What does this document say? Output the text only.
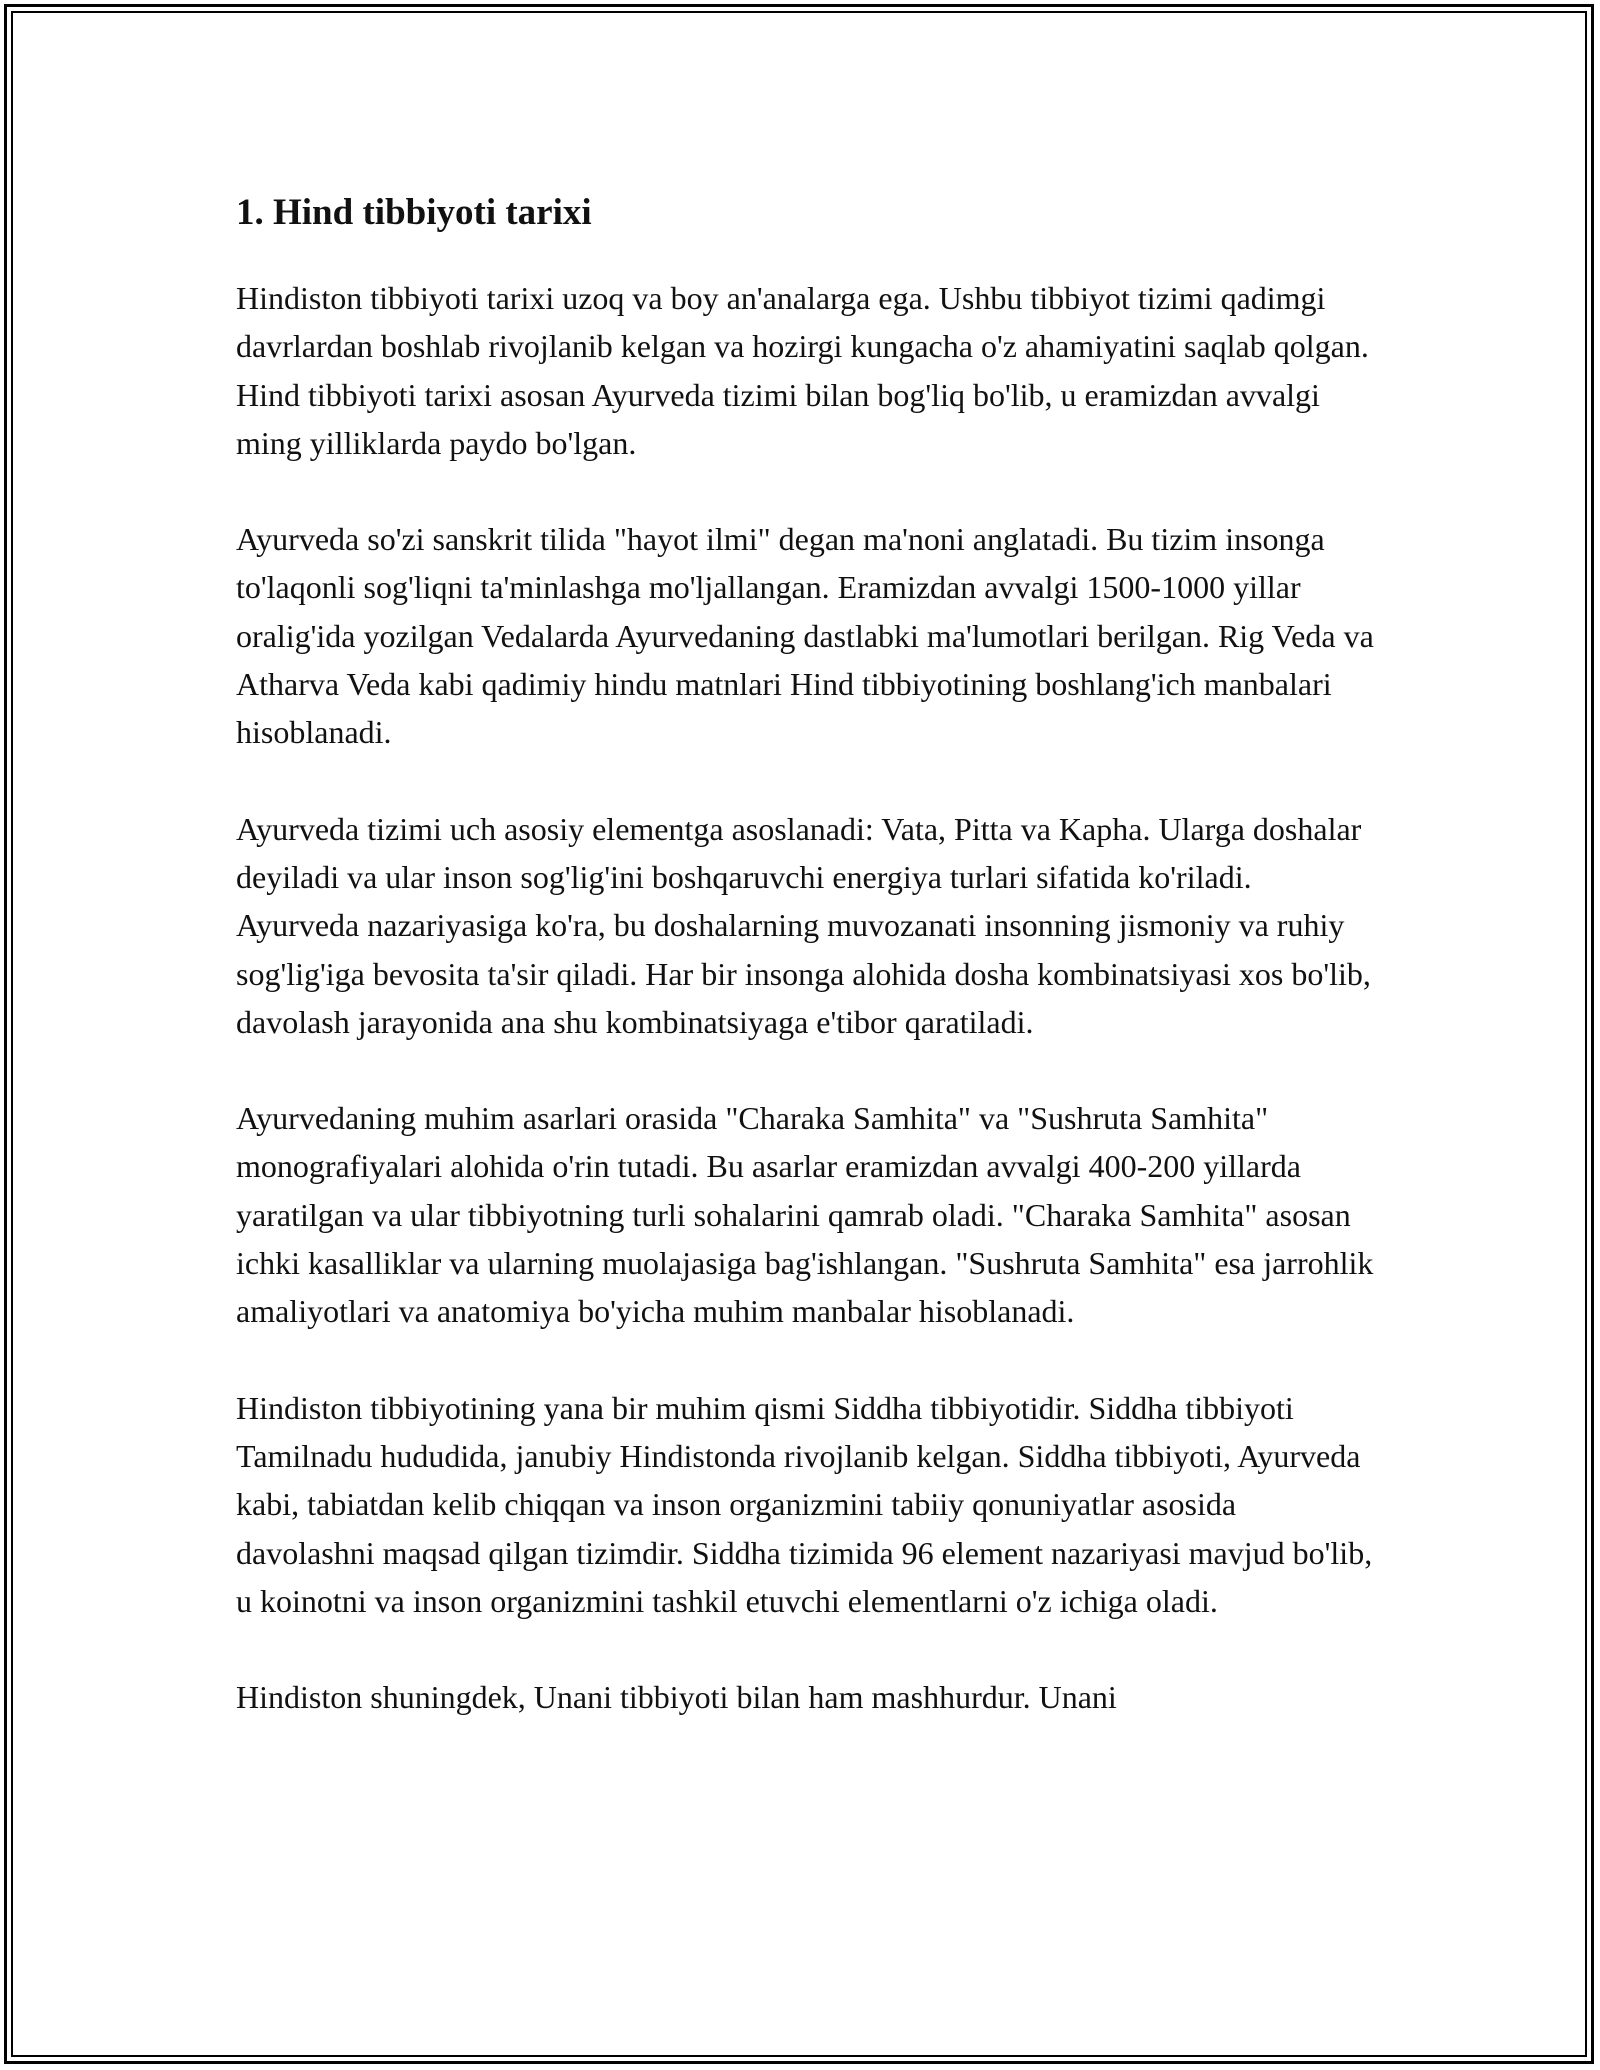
1. Hind tibbiyoti tarixi

Hindiston tibbiyoti tarixi uzoq va boy an'analarga ega. Ushbu tibbiyot tizimi qadimgi davrlardan boshlab rivojlanib kelgan va hozirgi kungacha o'z ahamiyatini saqlab qolgan. Hind tibbiyoti tarixi asosan Ayurveda tizimi bilan bog'liq bo'lib, u eramizdan avvalgi ming yilliklarda paydo bo'lgan.

Ayurveda so'zi sanskrit tilida "hayot ilmi" degan ma'noni anglatadi. Bu tizim insonga to'laqonli sog'liqni ta'minlashga mo'ljallangan. Eramizdan avvalgi 1500-1000 yillar oralig'ida yozilgan Vedalarda Ayurvedaning dastlabki ma'lumotlari berilgan. Rig Veda va Atharva Veda kabi qadimiy hindu matnlari Hind tibbiyotining boshlang'ich manbalari hisoblanadi.

Ayurveda tizimi uch asosiy elementga asoslanadi: Vata, Pitta va Kapha. Ularga doshalar deyiladi va ular inson sog'lig'ini boshqaruvchi energiya turlari sifatida ko'riladi. Ayurveda nazariyasiga ko'ra, bu doshalarning muvozanati insonning jismoniy va ruhiy sog'lig'iga bevosita ta'sir qiladi. Har bir insonga alohida dosha kombinatsiyasi xos bo'lib, davolash jarayonida ana shu kombinatsiyaga e'tibor qaratiladi.

Ayurvedaning muhim asarlari orasida "Charaka Samhita" va "Sushruta Samhita" monografiyalari alohida o'rin tutadi. Bu asarlar eramizdan avvalgi 400-200 yillarda yaratilgan va ular tibbiyotning turli sohalarini qamrab oladi. "Charaka Samhita" asosan ichki kasalliklar va ularning muolajasiga bag'ishlangan. "Sushruta Samhita" esa jarrohlik amaliyotlari va anatomiya bo'yicha muhim manbalar hisoblanadi.

Hindiston tibbiyotining yana bir muhim qismi Siddha tibbiyotidir. Siddha tibbiyoti Tamilnadu hududida, janubiy Hindistonda rivojlanib kelgan. Siddha tibbiyoti, Ayurveda kabi, tabiatdan kelib chiqqan va inson organizmini tabiiy qonuniyatlar asosida davolashni maqsad qilgan tizimdir. Siddha tizimida 96 element nazariyasi mavjud bo'lib, u koinotni va inson organizmini tashkil etuvchi elementlarni o'z ichiga oladi.

Hindiston shuningdek, Unani tibbiyoti bilan ham mashhurdur. Unani
